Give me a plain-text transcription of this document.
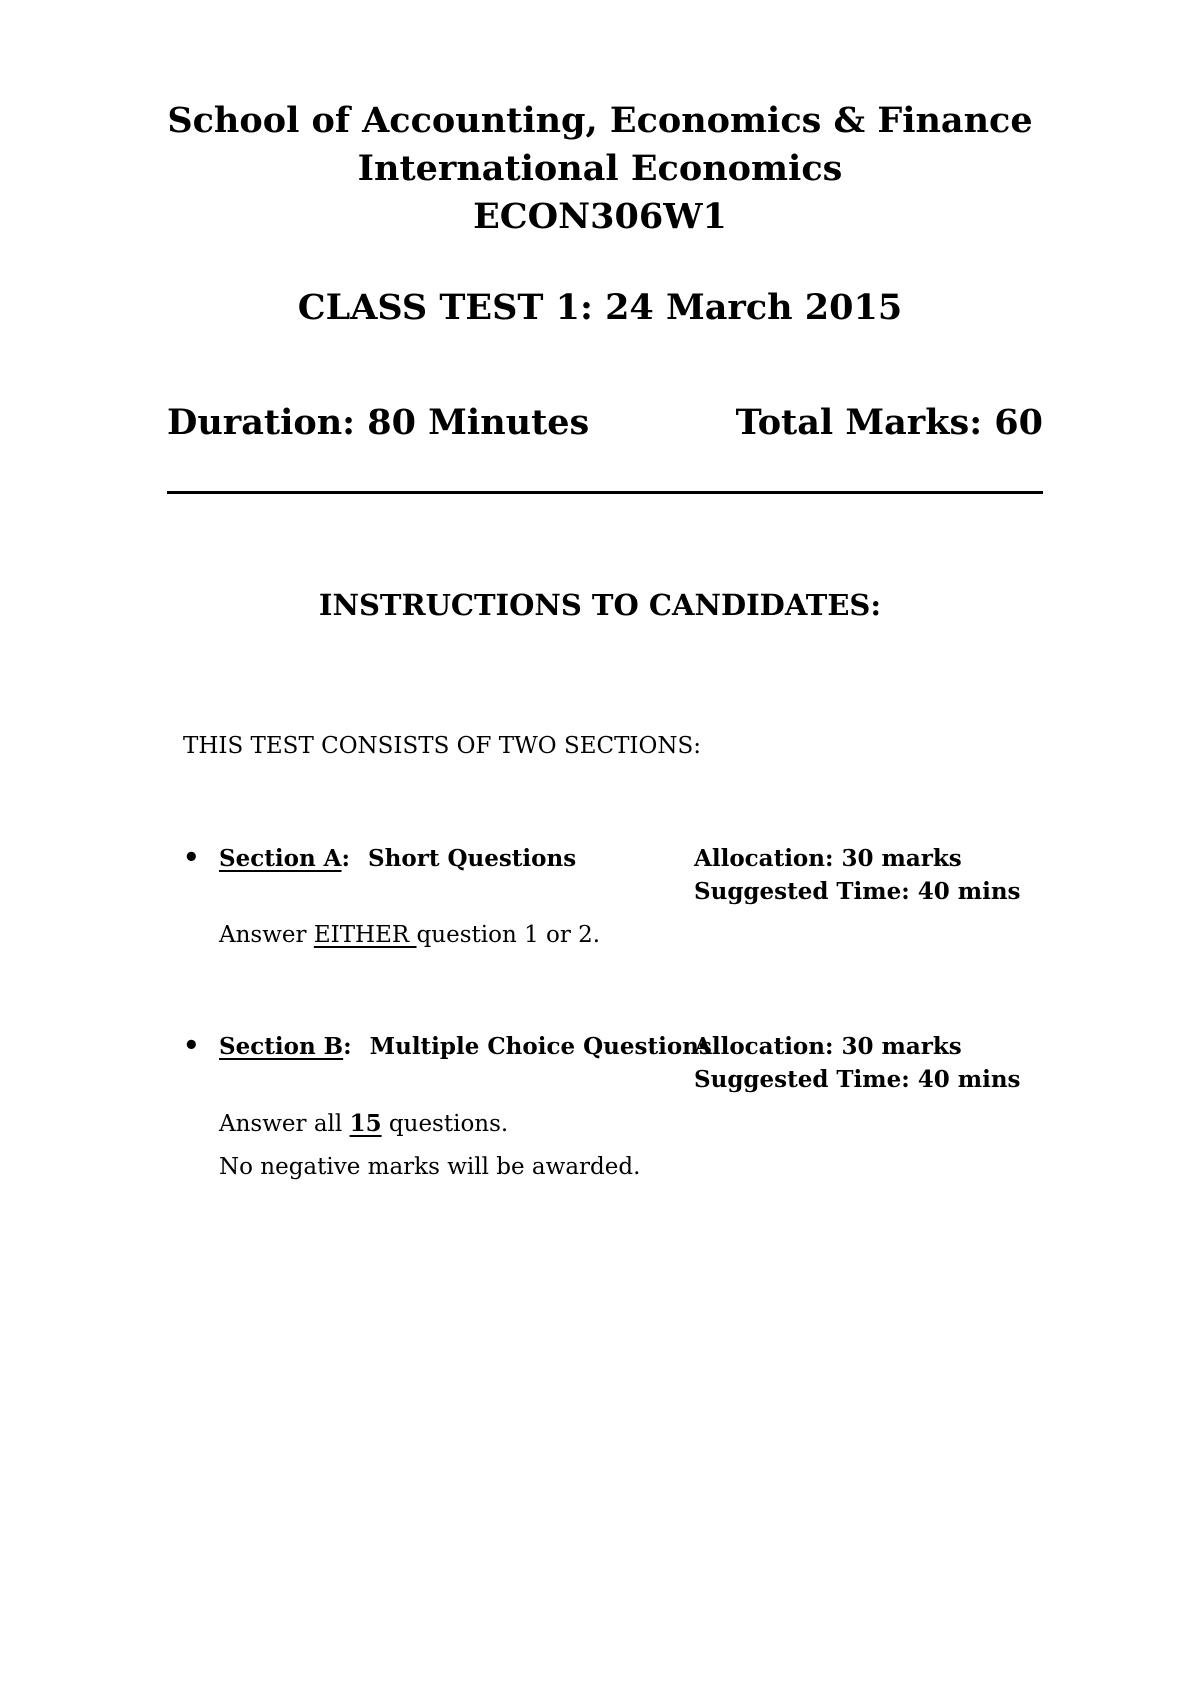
School of Accounting, Economics & Finance
International Economics
ECON306W1
CLASS TEST 1: 24 March 2015
Duration: 80 Minutes	Total Marks: 60
INSTRUCTIONS TO CANDIDATES:
THIS TEST CONSISTS OF TWO SECTIONS:
• Section A: Short Questions	Allocation: 30 marks
Suggested Time: 40 mins
Answer EITHER question 1 or 2.
• Section B: Multiple Choice Questions
Allocation: 30 marks
Suggested Time: 40 mins
Answer all 15 questions.
No negative marks will be awarded.
